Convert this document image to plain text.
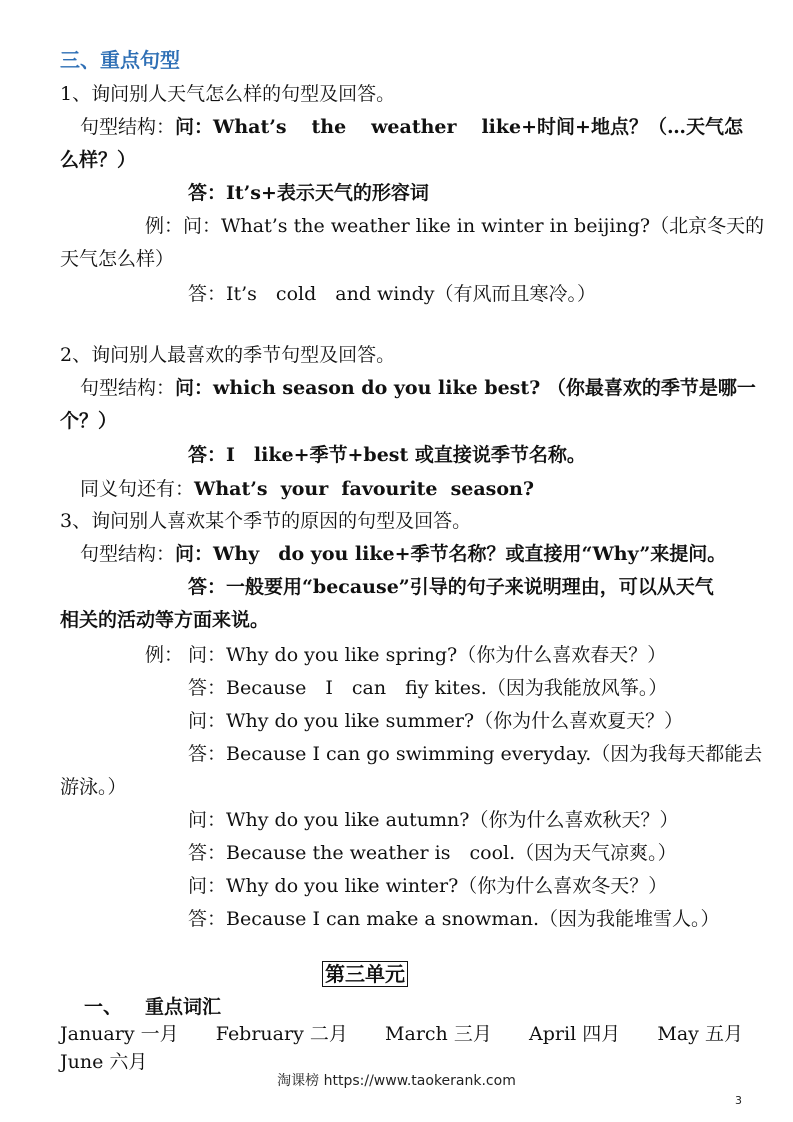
三、重点句型
1、询问别人天气怎么样的句型及回答。
句型结构：问：What’s the weather like+时间+地点？（…天气怎
么样？）
答：It’s+表示天气的形容词
例：问：What’s the weather like in winter in beijing?（北京冬天的
天气怎么样）
答：It’s　cold　and windy（有风而且寒冷。）
2、询问别人最喜欢的季节句型及回答。
句型结构：问：which season do you like best? （你最喜欢的季节是哪一
个？）
答：I　like+季节+best 或直接说季节名称。
同义句还有：What’s your favourite season?
3、询问别人喜欢某个季节的原因的句型及回答。
句型结构：问：Why　do you like+季节名称？或直接用“Why”来提问。
答：一般要用“because”引导的句子来说明理由，可以从天气
相关的活动等方面来说。
例： 问：Why do you like spring?（你为什么喜欢春天？）
答：Because　I　can　fiy kites.（因为我能放风筝。）
问：Why do you like summer?（你为什么喜欢夏天？）
答：Because I can go swimming everyday.（因为我每天都能去
游泳。）
问：Why do you like autumn?（你为什么喜欢秋天？）
答：Because the weather is　cool.（因为天气凉爽。）
问：Why do you like winter?（你为什么喜欢冬天？）
答：Because I can make a snowman.（因为我能堆雪人。）
第三单元
一、 重点词汇
January 一月 February 二月 March 三月 April 四月 May 五月
June 六月
淘课榜 https://www.taokerank.com
3
